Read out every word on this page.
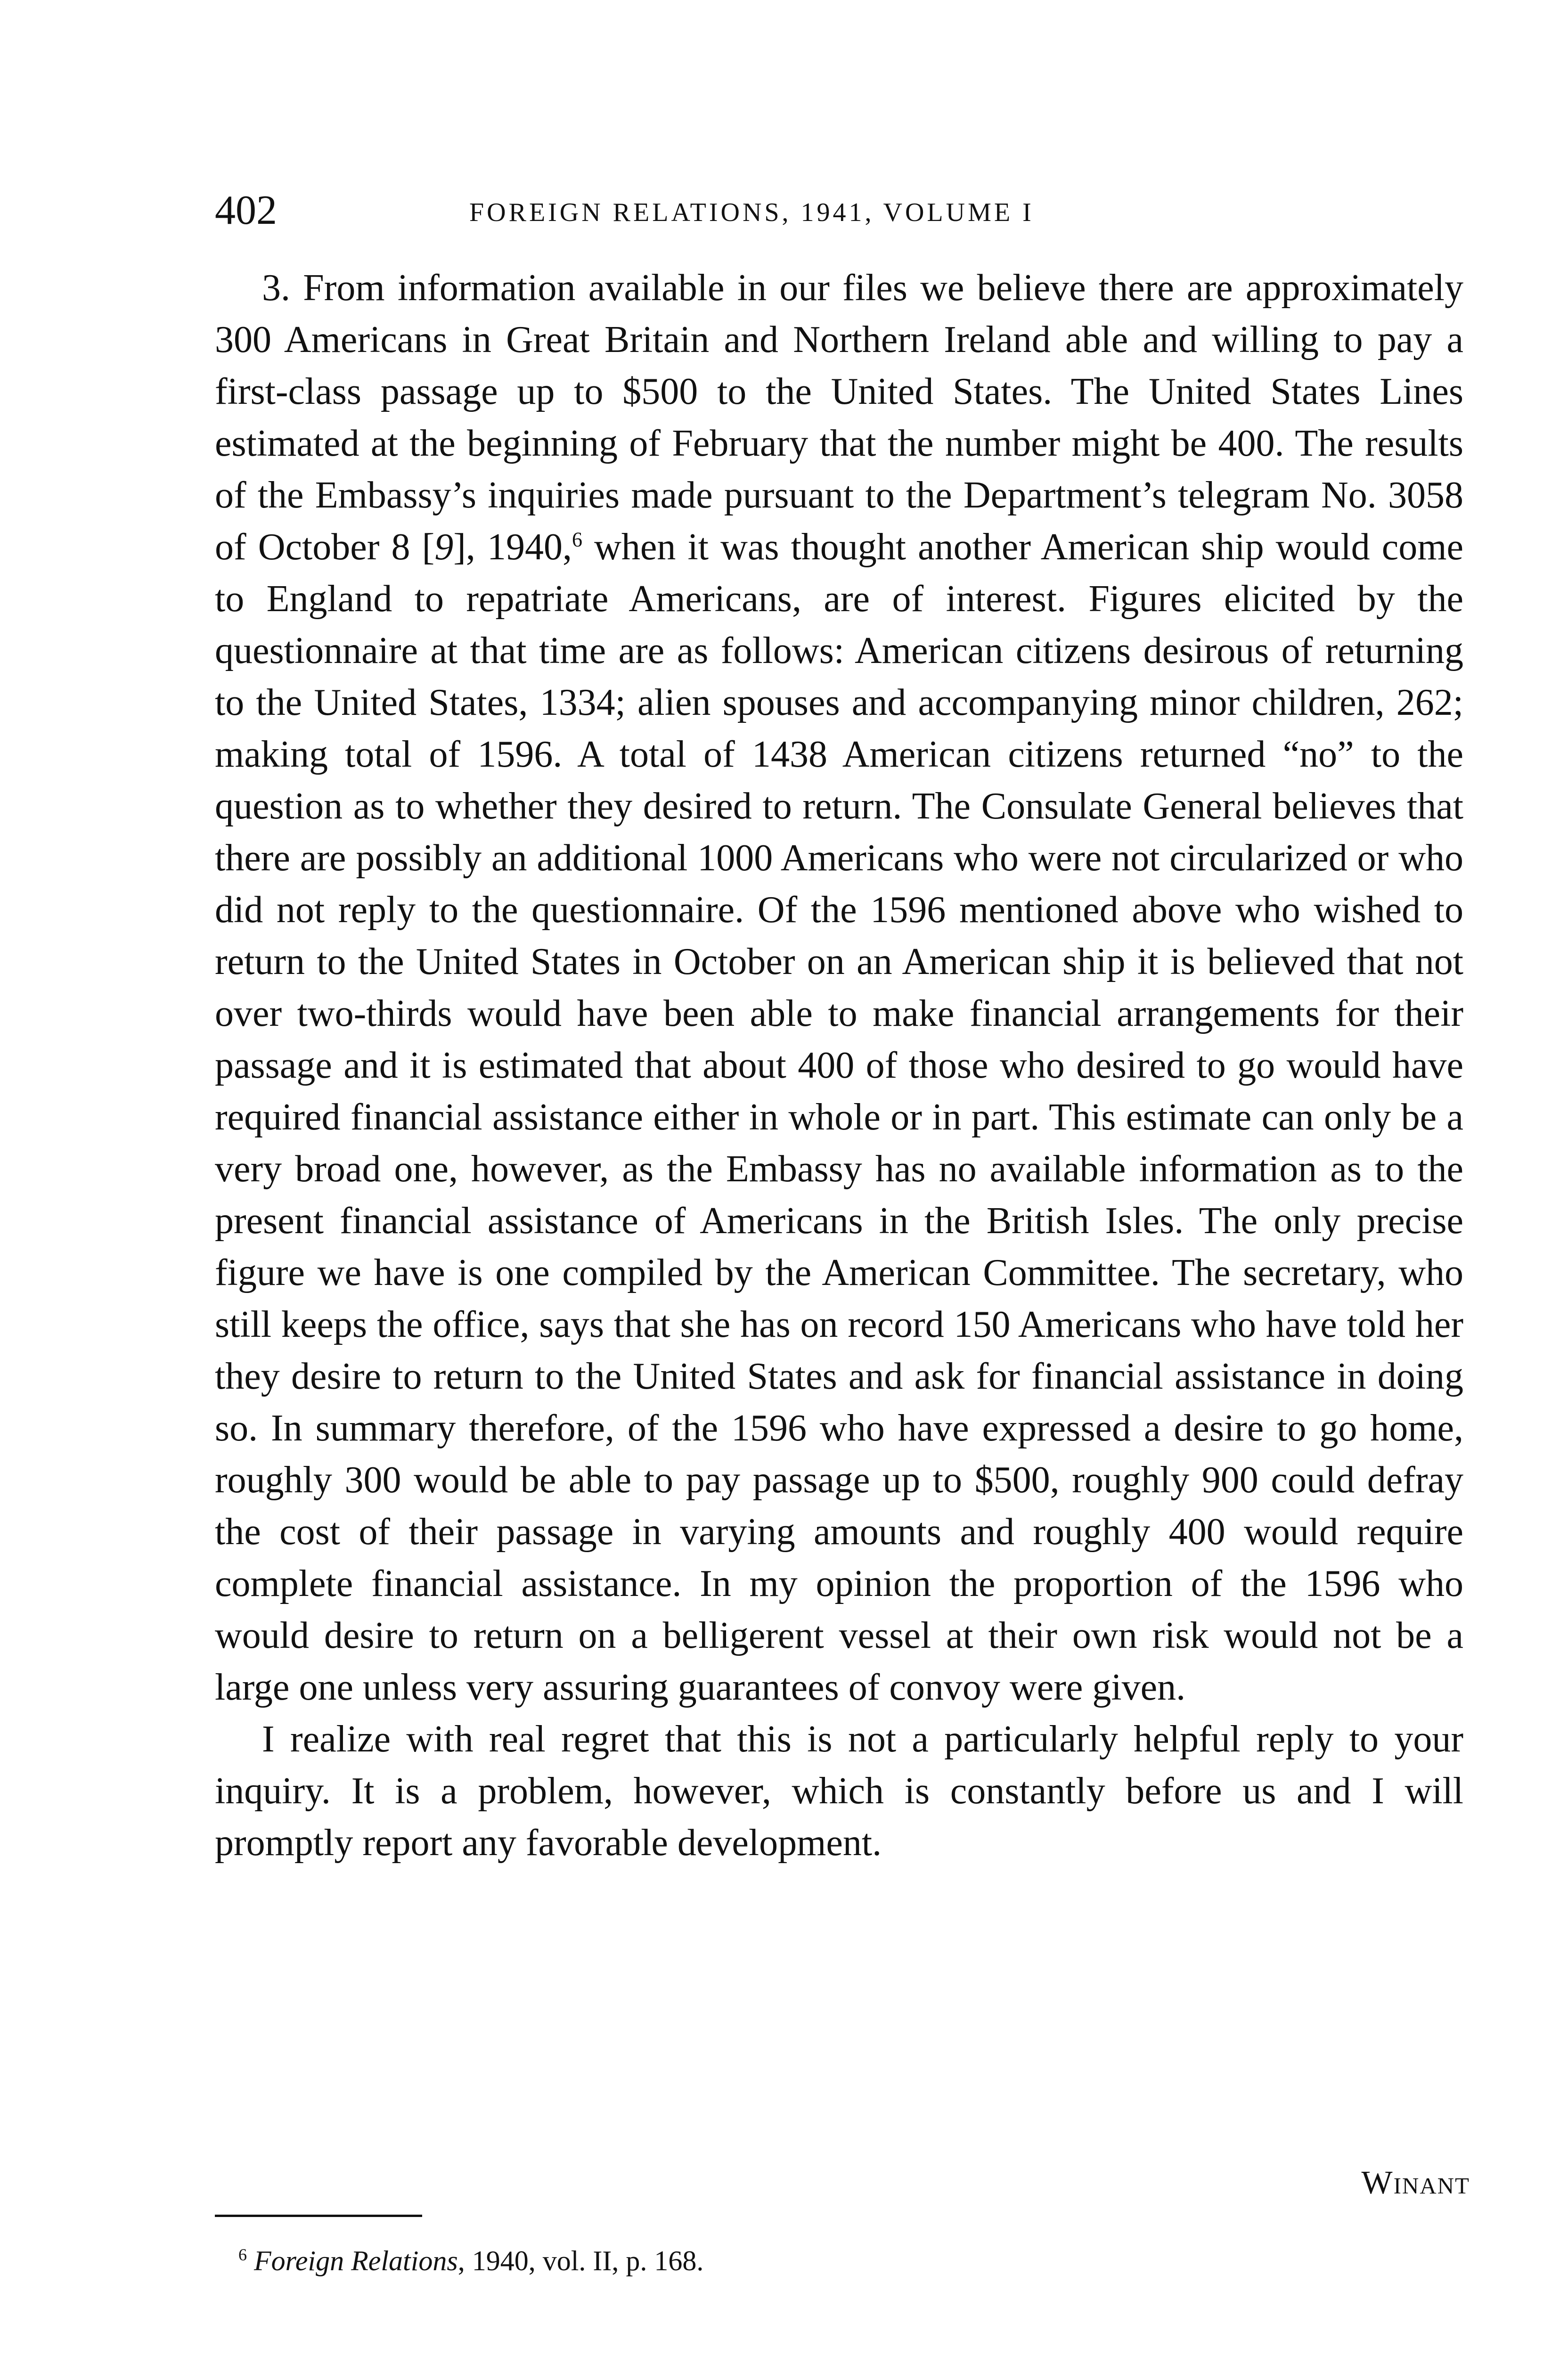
402	FOREIGN RELATIONS, 1941, VOLUME I

3. From information available in our files we believe there are approximately 300 Americans in Great Britain and Northern Ireland able and willing to pay a first-class passage up to $500 to the United States. The United States Lines estimated at the beginning of February that the number might be 400. The results of the Embassy’s inquiries made pursuant to the Department’s telegram No. 3058 of October 8 [9], 1940,$^6$ when it was thought another American ship would come to England to repatriate Americans, are of interest. Figures elicited by the questionnaire at that time are as follows: American citizens desirous of returning to the United States, 1334; alien spouses and accompanying minor children, 262; making total of 1596. A total of 1438 American citizens returned “no” to the question as to whether they desired to return. The Consulate General believes that there are possibly an additional 1000 Americans who were not circularized or who did not reply to the questionnaire. Of the 1596 mentioned above who wished to return to the United States in October on an American ship it is believed that not over two-thirds would have been able to make financial arrangements for their passage and it is estimated that about 400 of those who desired to go would have required financial assistance either in whole or in part. This estimate can only be a very broad one, however, as the Embassy has no available information as to the present financial assistance of Americans in the British Isles. The only precise figure we have is one compiled by the American Committee. The secretary, who still keeps the office, says that she has on record 150 Americans who have told her they desire to return to the United States and ask for financial assistance in doing so. In summary therefore, of the 1596 who have expressed a desire to go home, roughly 300 would be able to pay passage up to $500, roughly 900 could defray the cost of their passage in varying amounts and roughly 400 would require complete financial assistance. In my opinion the proportion of the 1596 who would desire to return on a belligerent vessel at their own risk would not be a large one unless very assuring guarantees of convoy were given.

I realize with real regret that this is not a particularly helpful reply to your inquiry. It is a problem, however, which is constantly before us and I will promptly report any favorable development.

Winant
$^6$ Foreign Relations, 1940, vol. II, p. 168.
